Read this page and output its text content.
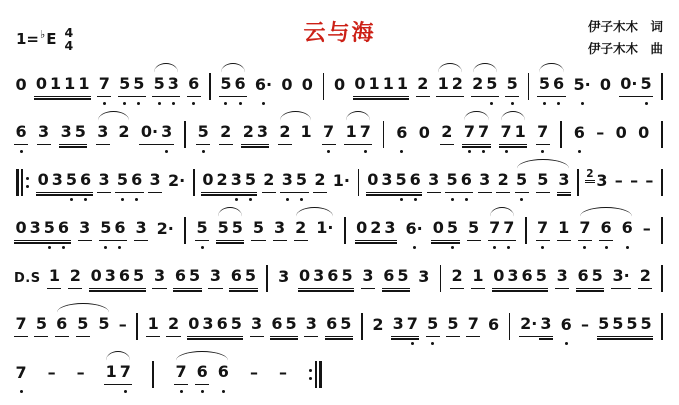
1= ♭ E 4
4	云与海	伊子木木　词
伊子木木　曲
0 0 1 1 1 7 5 5 5 3 6 5 6 6· 0 0 0 0 1 1 1 2 1 2 2 5 5 5 6 5· 0 0· 5
6 3 3 5 3 2 0· 3 5 2 2 3 2 1 7 1 7 6 0 2 7 7 7 1 7 6 – 0 0
0 3 5 6 3 5 6 3 2· 0 2 3 5 2 3 5 2 1· 0 3 5 6 3 5 6 3 2 5 5 3 2 3 – – –
0 3 5 6 3 5 6 3 2· 5 5 5 5 3 2 1· 0 2 3 6· 0 5 5 7 7 7 1 7 6 6 –
D.S 1 2 0 3 6 5 3 6 5 3 6 5 3 0 3 6 5 3 6 5 3 2 1 0 3 6 5 3 6 5 3· 2
7 5 6 5 5 – 1 2 0 3 6 5 3 6 5 3 6 5 2 3 7 5 5 7 6 2· 3 6 – 5 5 5 5
7 – – 1 7	7 6 6 – –
